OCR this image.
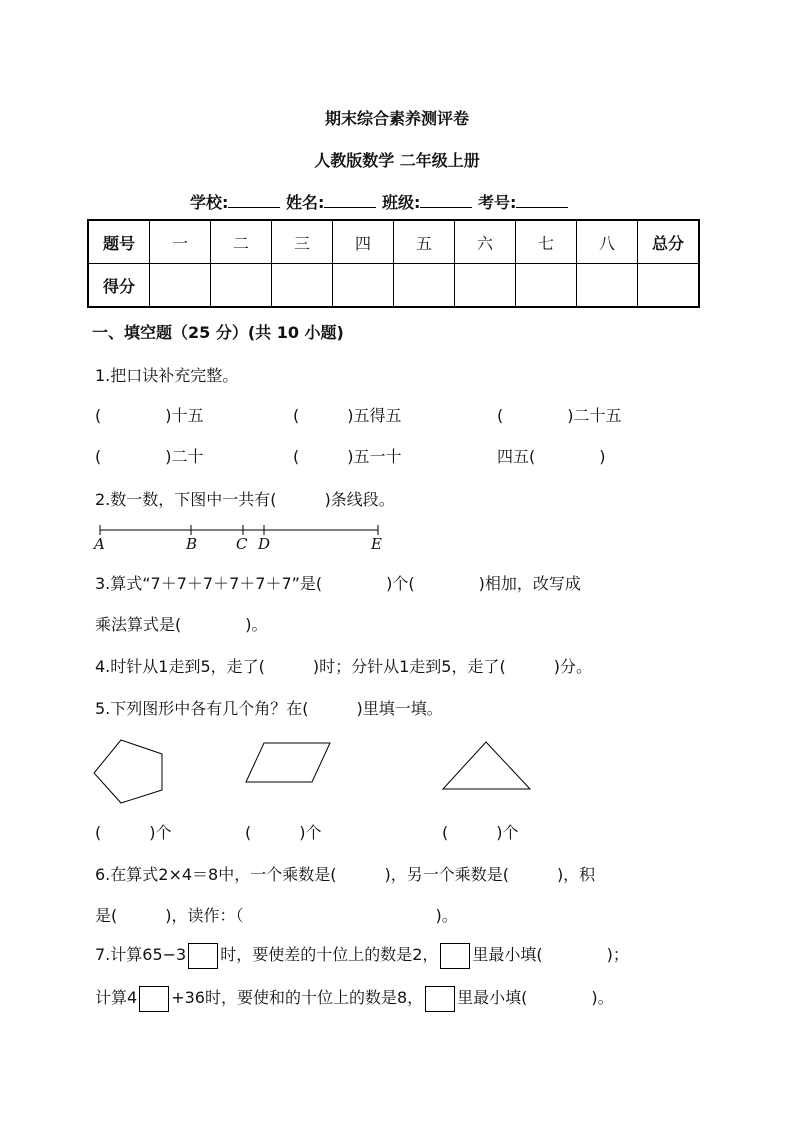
期末综合素养测评卷
人教版数学 二年级上册
学校:	姓名:	班级:	考号:
题号	一	二	三	四	五	六	七	八	总分
得分									
一、填空题（25 分）(共 10 小题)
1.把口诀补充完整。
(　　　　)十五	(　　　)五得五	(　　　　)二十五
(　　　　)二十	(　　　)五一十	四五(　　　　)
2.数一数，下图中一共有(　　　)条线段。
A	B	C D	E
3.算式“7＋7＋7＋7＋7＋7”是(　　　　)个(　　　　)相加，改写成
乘法算式是(　　　　)。
4.时针从1走到5，走了(　　　)时；分针从1走到5，走了(　　　)分。
5.下列图形中各有几个角？在(　　　)里填一填。
(　　　)个	(　　　)个	(　　　)个
6.在算式2×4＝8中，一个乘数是(　　　)，另一个乘数是(　　　)，积
是(　　　)，读作：（　　　　　　　　　　　　)。
7.计算65−3 时，要使差的十位上的数是2， 里最小填(　　　　)；
计算4 +36时，要使和的十位上的数是8， 里最小填(　　　　)。
